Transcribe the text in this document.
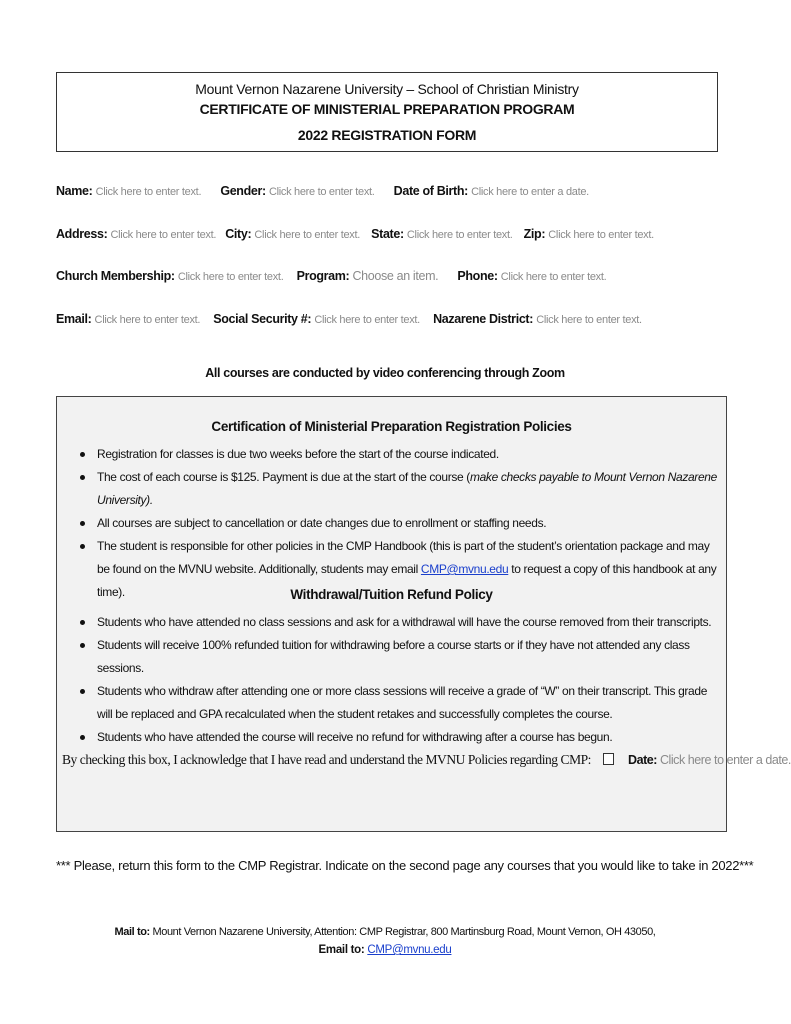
Mount Vernon Nazarene University – School of Christian Ministry
CERTIFICATE OF MINISTERIAL PREPARATION PROGRAM
2022 REGISTRATION FORM
Name: Click here to enter text. Gender: Click here to enter text. Date of Birth: Click here to enter a date.
Address: Click here to enter text. City: Click here to enter text. State: Click here to enter text. Zip: Click here to enter text.
Church Membership: Click here to enter text. Program: Choose an item. Phone: Click here to enter text.
Email: Click here to enter text. Social Security #: Click here to enter text. Nazarene District: Click here to enter text.
All courses are conducted by video conferencing through Zoom
Certification of Ministerial Preparation Registration Policies
Registration for classes is due two weeks before the start of the course indicated.
The cost of each course is $125. Payment is due at the start of the course (make checks payable to Mount Vernon Nazarene University).
All courses are subject to cancellation or date changes due to enrollment or staffing needs.
The student is responsible for other policies in the CMP Handbook (this is part of the student’s orientation package and may be found on the MVNU website. Additionally, students may email CMP@mvnu.edu to request a copy of this handbook at any time).	Withdrawal/Tuition Refund Policy
Students who have attended no class sessions and ask for a withdrawal will have the course removed from their transcripts.
Students will receive 100% refunded tuition for withdrawing before a course starts or if they have not attended any class sessions.
Students who withdraw after attending one or more class sessions will receive a grade of “W” on their transcript. This grade will be replaced and GPA recalculated when the student retakes and successfully completes the course.
Students who have attended the course will receive no refund for withdrawing after a course has begun.
By checking this box, I acknowledge that I have read and understand the MVNU Policies regarding CMP:	Date: Click here to enter a date.
*** Please, return this form to the CMP Registrar. Indicate on the second page any courses that you would like to take in 2022***
Mail to: Mount Vernon Nazarene University, Attention: CMP Registrar, 800 Martinsburg Road, Mount Vernon, OH 43050,
Email to: CMP@mvnu.edu
